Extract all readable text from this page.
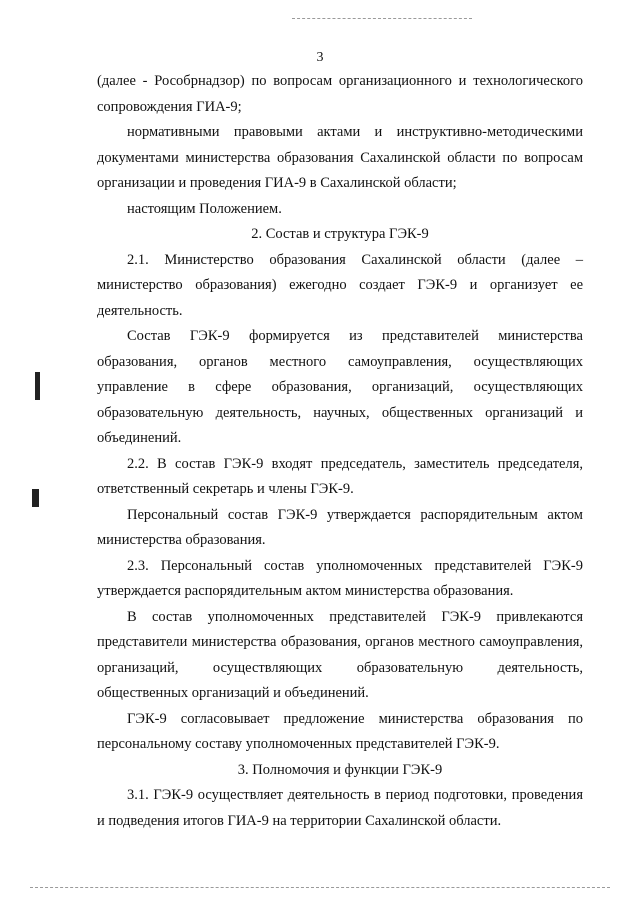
3

(далее - Рособрнадзор) по вопросам организационного и технологического сопровождения ГИА-9;

нормативными правовыми актами и инструктивно-методическими документами министерства образования Сахалинской области по вопросам организации и проведения ГИА-9 в Сахалинской области;

настоящим Положением.

2. Состав и структура ГЭК-9

2.1. Министерство образования Сахалинской области (далее – министерство образования) ежегодно создает ГЭК-9 и организует ее деятельность.

Состав ГЭК-9 формируется из представителей министерства образования, органов местного самоуправления, осуществляющих управление в сфере образования, организаций, осуществляющих образовательную деятельность, научных, общественных организаций и объединений.

2.2. В состав ГЭК-9 входят председатель, заместитель председателя, ответственный секретарь и члены ГЭК-9.

Персональный состав ГЭК-9 утверждается распорядительным актом министерства образования.

2.3. Персональный состав уполномоченных представителей ГЭК-9 утверждается распорядительным актом министерства образования.

В состав уполномоченных представителей ГЭК-9 привлекаются представители министерства образования, органов местного самоуправления, организаций, осуществляющих образовательную деятельность, общественных организаций и объединений.

ГЭК-9 согласовывает предложение министерства образования по персональному составу уполномоченных представителей ГЭК-9.

3. Полномочия и функции ГЭК-9

3.1. ГЭК-9 осуществляет деятельность в период подготовки, проведения и подведения итогов ГИА-9 на территории Сахалинской области.
